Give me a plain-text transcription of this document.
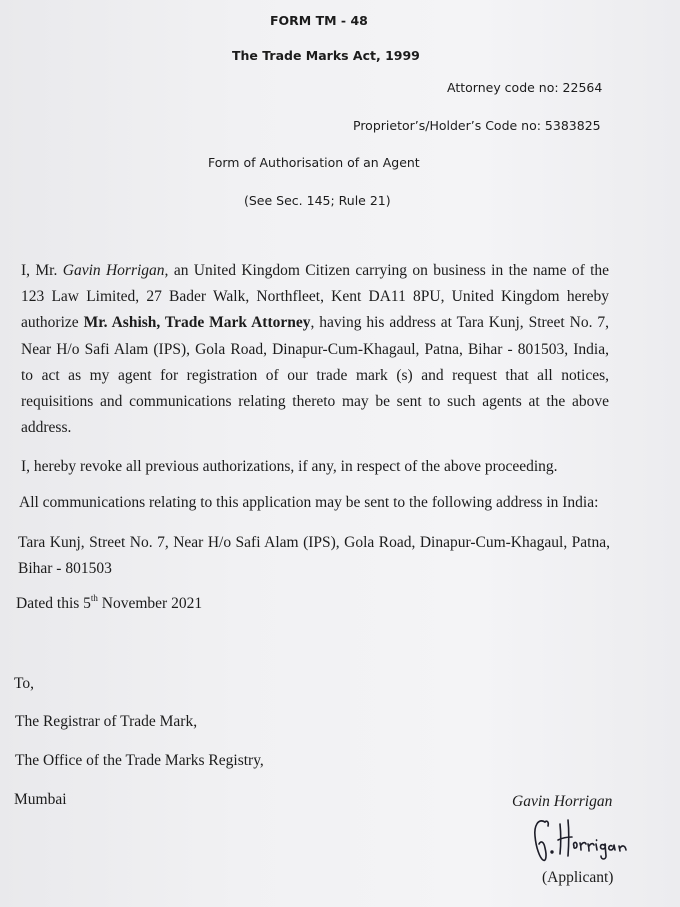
FORM TM - 48
The Trade Marks Act, 1999
Attorney code no: 22564
Proprietor’s/Holder’s Code no: 5383825
Form of Authorisation of an Agent
(See Sec. 145; Rule 21)
I, Mr. Gavin Horrigan, an United Kingdom Citizen carrying on business in the name of the 123 Law Limited, 27 Bader Walk, Northfleet, Kent DA11 8PU, United Kingdom hereby authorize Mr. Ashish, Trade Mark Attorney, having his address at Tara Kunj, Street No. 7, Near H/o Safi Alam (IPS), Gola Road, Dinapur-Cum-Khagaul, Patna, Bihar - 801503, India, to act as my agent for registration of our trade mark (s) and request that all notices, requisitions and communications relating thereto may be sent to such agents at the above address.
I, hereby revoke all previous authorizations, if any, in respect of the above proceeding.
All communications relating to this application may be sent to the following address in India:
Tara Kunj, Street No. 7, Near H/o Safi Alam (IPS), Gola Road, Dinapur-Cum-Khagaul, Patna, Bihar - 801503
Dated this 5th November 2021
To,
The Registrar of Trade Mark,
The Office of the Trade Marks Registry,
Mumbai	Gavin Horrigan
(Applicant)
